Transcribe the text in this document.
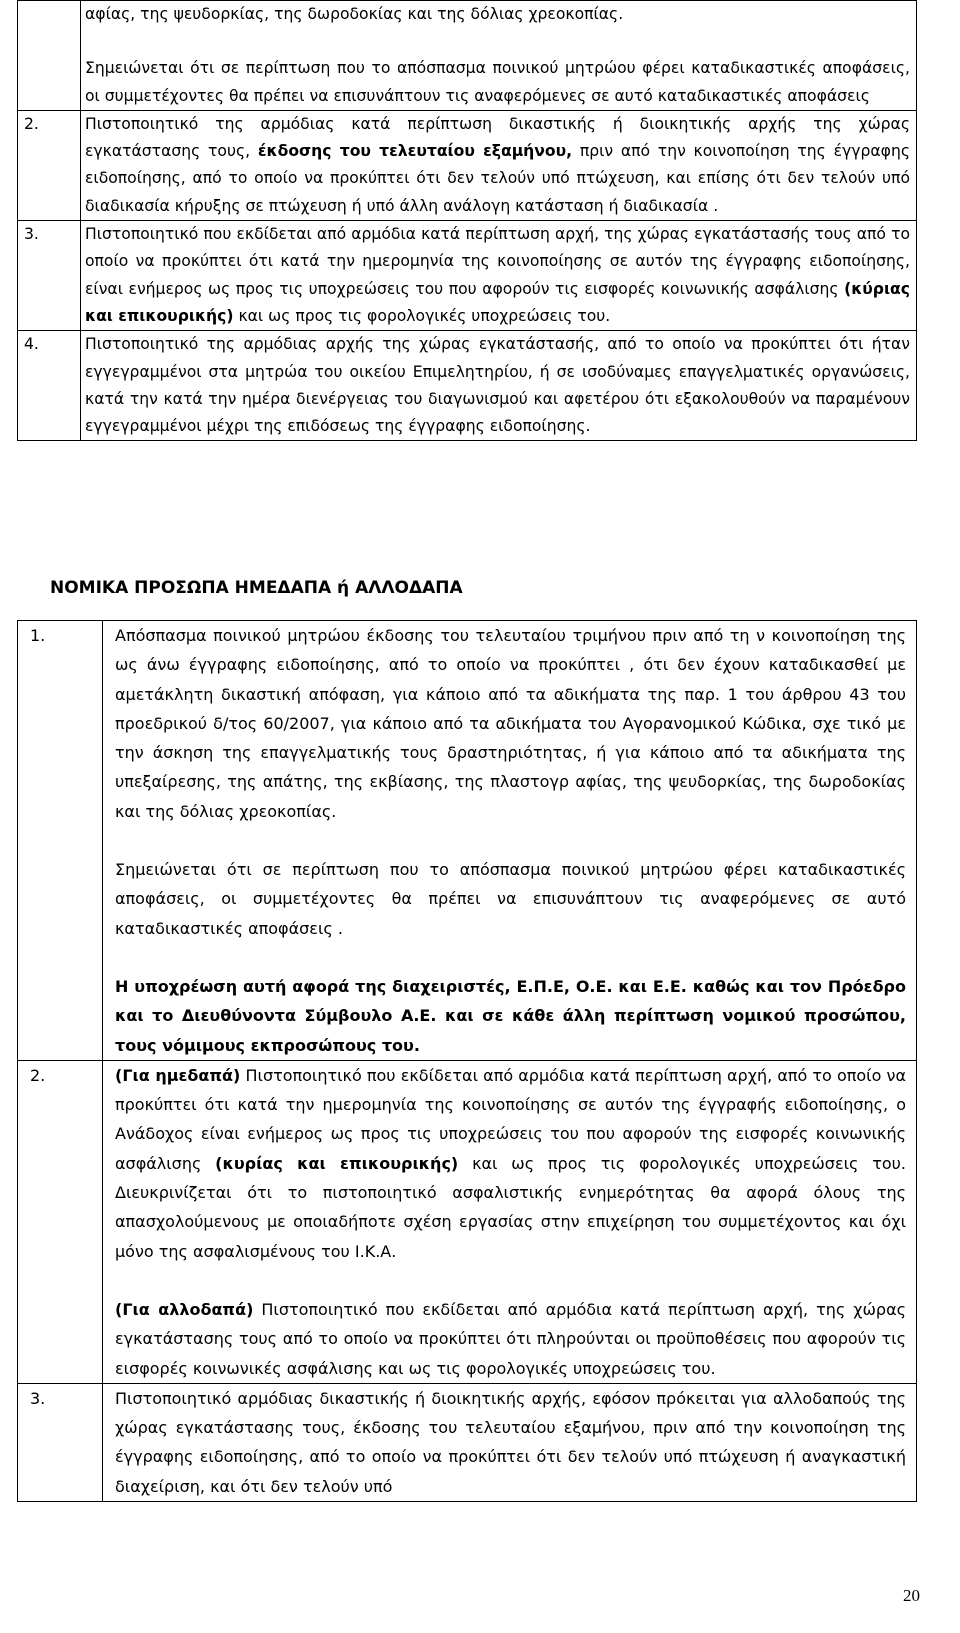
	αφίας, της ψευδορκίας, της δωροδοκίας και της δόλιας χρεοκοπίας.

Σημειώνεται ότι σε περίπτωση που το απόσπασμα ποινικού μητρώου φέρει καταδικαστικές αποφάσεις, οι συμμετέχοντες θα πρέπει να επισυνάπτουν τις αναφερόμενες σε αυτό καταδικαστικές αποφάσεις

2.	Πιστοποιητικό της αρμόδιας κατά περίπτωση δικαστικής ή διοικητικής αρχής της χώρας εγκατάστασης τους, έκδοσης του τελευταίου εξαμήνου, πριν από την κοινοποίηση της έγγραφης ειδοποίησης, από το οποίο να προκύπτει ότι δεν τελούν υπό πτώχευση, και επίσης ότι δεν τελούν υπό διαδικασία κήρυξης σε πτώχευση ή υπό άλλη ανάλογη κατάσταση ή διαδικασία .
3.	Πιστοποιητικό που εκδίδεται από αρμόδια κατά περίπτωση αρχή, της χώρας εγκατάστασής τους από το οποίο να προκύπτει ότι κατά την ημερομηνία της κοινοποίησης σε αυτόν της έγγραφης ειδοποίησης, είναι ενήμερος ως προς τις υποχρεώσεις του που αφορούν τις εισφορές κοινωνικής ασφάλισης (κύριας και επικουρικής) και ως προς τις φορολογικές υποχρεώσεις του.
4.	Πιστοποιητικό της αρμόδιας αρχής της χώρας εγκατάστασής, από το οποίο να προκύπτει ότι ήταν εγγεγραμμένοι στα μητρώα του οικείου Επιμελητηρίου, ή σε ισοδύναμες επαγγελματικές οργανώσεις, κατά την κατά την ημέρα διενέργειας του διαγωνισμού και αφετέρου ότι εξακολουθούν να παραμένουν εγγεγραμμένοι μέχρι της επιδόσεως της έγγραφης ειδοποίησης.
ΝΟΜΙΚΑ ΠΡΟΣΩΠΑ ΗΜΕΔΑΠΑ ή ΑΛΛΟΔΑΠΑ
1.	Απόσπασμα ποινικού μητρώου έκδοσης του τελευταίου τριμήνου πριν από τη ν κοινοποίηση της ως άνω έγγραφης ειδοποίησης, από το οποίο να προκύπτει , ότι δεν έχουν καταδικασθεί με αμετάκλητη δικαστική απόφαση, για κάποιο από τα αδικήματα της παρ. 1 του άρθρου 43 του προεδρικού δ/τος 60/2007, για κάποιο από τα αδικήματα του Αγορανομικού Κώδικα, σχε τικό με την άσκηση της επαγγελματικής τους δραστηριότητας, ή για κάποιο από τα αδικήματα της υπεξαίρεσης, της απάτης, της εκβίασης, της πλαστογρ αφίας, της ψευδορκίας, της δωροδοκίας και της δόλιας χρεοκοπίας.

Σημειώνεται ότι σε περίπτωση που το απόσπασμα ποινικού μητρώου φέρει καταδικαστικές αποφάσεις, οι συμμετέχοντες θα πρέπει να επισυνάπτουν τις αναφερόμενες σε αυτό καταδικαστικές αποφάσεις .

Η υποχρέωση αυτή αφορά της διαχειριστές, Ε.Π.Ε, Ο.Ε. και Ε.Ε. καθώς και τον Πρόεδρο και το Διευθύνοντα Σύμβουλο Α.Ε. και σε κάθε άλλη περίπτωση νομικού προσώπου, τους νόμιμους εκπροσώπους του.

2.	(Για ημεδαπά) Πιστοποιητικό που εκδίδεται από αρμόδια κατά περίπτωση αρχή, από το οποίο να προκύπτει ότι κατά την ημερομηνία της κοινοποίησης σε αυτόν της έγγραφής ειδοποίησης, ο Ανάδοχος είναι ενήμερος ως προς τις υποχρεώσεις του που αφορούν της εισφορές κοινωνικής ασφάλισης (κυρίας και επικουρικής) και ως προς τις φορολογικές υποχρεώσεις του. Διευκρινίζεται ότι το πιστοποιητικό ασφαλιστικής ενημερότητας θα αφορά όλους της απασχολούμενους με οποιαδήποτε σχέση εργασίας στην επιχείρηση του συμμετέχοντος και όχι μόνο της ασφαλισμένους του Ι.Κ.Α.

(Για αλλοδαπά) Πιστοποιητικό που εκδίδεται από αρμόδια κατά περίπτωση αρχή, της χώρας εγκατάστασης τους από το οποίο να προκύπτει ότι πληρούνται οι προϋποθέσεις που αφορούν τις εισφορές κοινωνικές ασφάλισης και ως τις φορολογικές υποχρεώσεις του.

3.	Πιστοποιητικό αρμόδιας δικαστικής ή διοικητικής αρχής, εφόσον πρόκειται για αλλοδαπούς της χώρας εγκατάστασης τους, έκδοσης του τελευταίου εξαμήνου, πριν από την κοινοποίηση της έγγραφης ειδοποίησης, από το οποίο να προκύπτει ότι δεν τελούν υπό πτώχευση ή αναγκαστική διαχείριση, και ότι δεν τελούν υπό
20
